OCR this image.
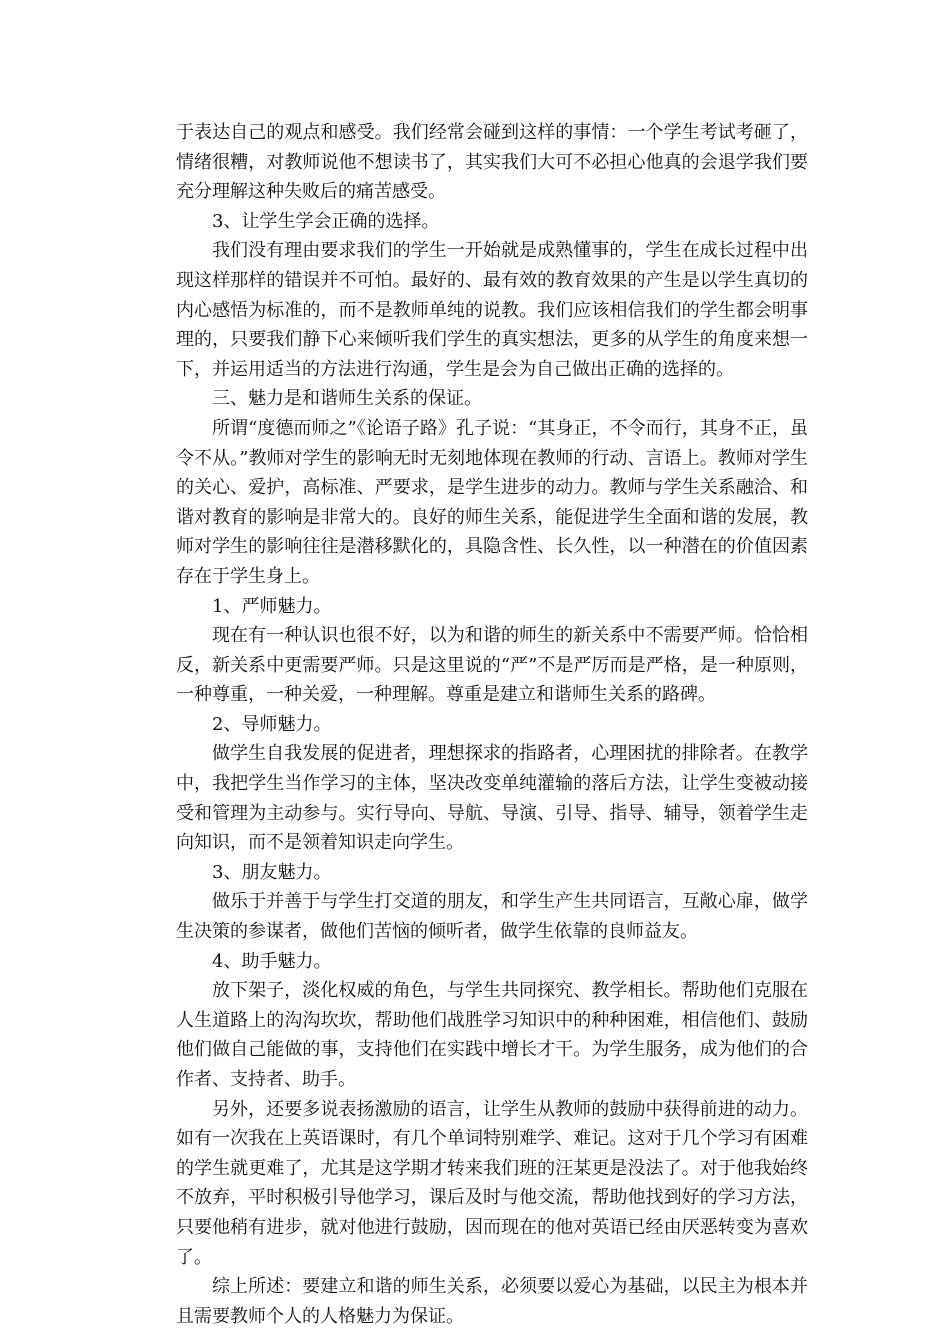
于表达自己的观点和感受。我们经常会碰到这样的事情：一个学生考试考砸了，情绪很糟，对教师说他不想读书了，其实我们大可不必担心他真的会退学我们要充分理解这种失败后的痛苦感受。

3、让学生学会正确的选择。

我们没有理由要求我们的学生一开始就是成熟懂事的，学生在成长过程中出现这样那样的错误并不可怕。最好的、最有效的教育效果的产生是以学生真切的内心感悟为标准的，而不是教师单纯的说教。我们应该相信我们的学生都会明事理的，只要我们静下心来倾听我们学生的真实想法，更多的从学生的角度来想一下，并运用适当的方法进行沟通，学生是会为自己做出正确的选择的。

三、魅力是和谐师生关系的保证。

所谓“度德而师之”《论语子路》孔子说：“其身正，不令而行，其身不正，虽令不从。”教师对学生的影响无时无刻地体现在教师的行动、言语上。教师对学生的关心、爱护，高标准、严要求，是学生进步的动力。教师与学生关系融洽、和谐对教育的影响是非常大的。良好的师生关系，能促进学生全面和谐的发展，教师对学生的影响往往是潜移默化的，具隐含性、长久性，以一种潜在的价值因素存在于学生身上。

1、严师魅力。

现在有一种认识也很不好，以为和谐的师生的新关系中不需要严师。恰恰相反，新关系中更需要严师。只是这里说的“严”不是严厉而是严格，是一种原则，一种尊重，一种关爱，一种理解。尊重是建立和谐师生关系的路碑。

2、导师魅力。

做学生自我发展的促进者，理想探求的指路者，心理困扰的排除者。在教学中，我把学生当作学习的主体，坚决改变单纯灌输的落后方法，让学生变被动接受和管理为主动参与。实行导向、导航、导演、引导、指导、辅导，领着学生走向知识，而不是领着知识走向学生。

3、朋友魅力。

做乐于并善于与学生打交道的朋友，和学生产生共同语言，互敞心扉，做学生决策的参谋者，做他们苦恼的倾听者，做学生依靠的良师益友。

4、助手魅力。

放下架子，淡化权威的角色，与学生共同探究、教学相长。帮助他们克服在人生道路上的沟沟坎坎，帮助他们战胜学习知识中的种种困难，相信他们、鼓励他们做自己能做的事，支持他们在实践中增长才干。为学生服务，成为他们的合作者、支持者、助手。

另外，还要多说表扬激励的语言，让学生从教师的鼓励中获得前进的动力。如有一次我在上英语课时，有几个单词特别难学、难记。这对于几个学习有困难的学生就更难了，尤其是这学期才转来我们班的汪某更是没法了。对于他我始终不放弃，平时积极引导他学习，课后及时与他交流，帮助他找到好的学习方法，只要他稍有进步，就对他进行鼓励，因而现在的他对英语已经由厌恶转变为喜欢了。

综上所述：要建立和谐的师生关系，必须要以爱心为基础，以民主为根本并且需要教师个人的人格魅力为保证。
